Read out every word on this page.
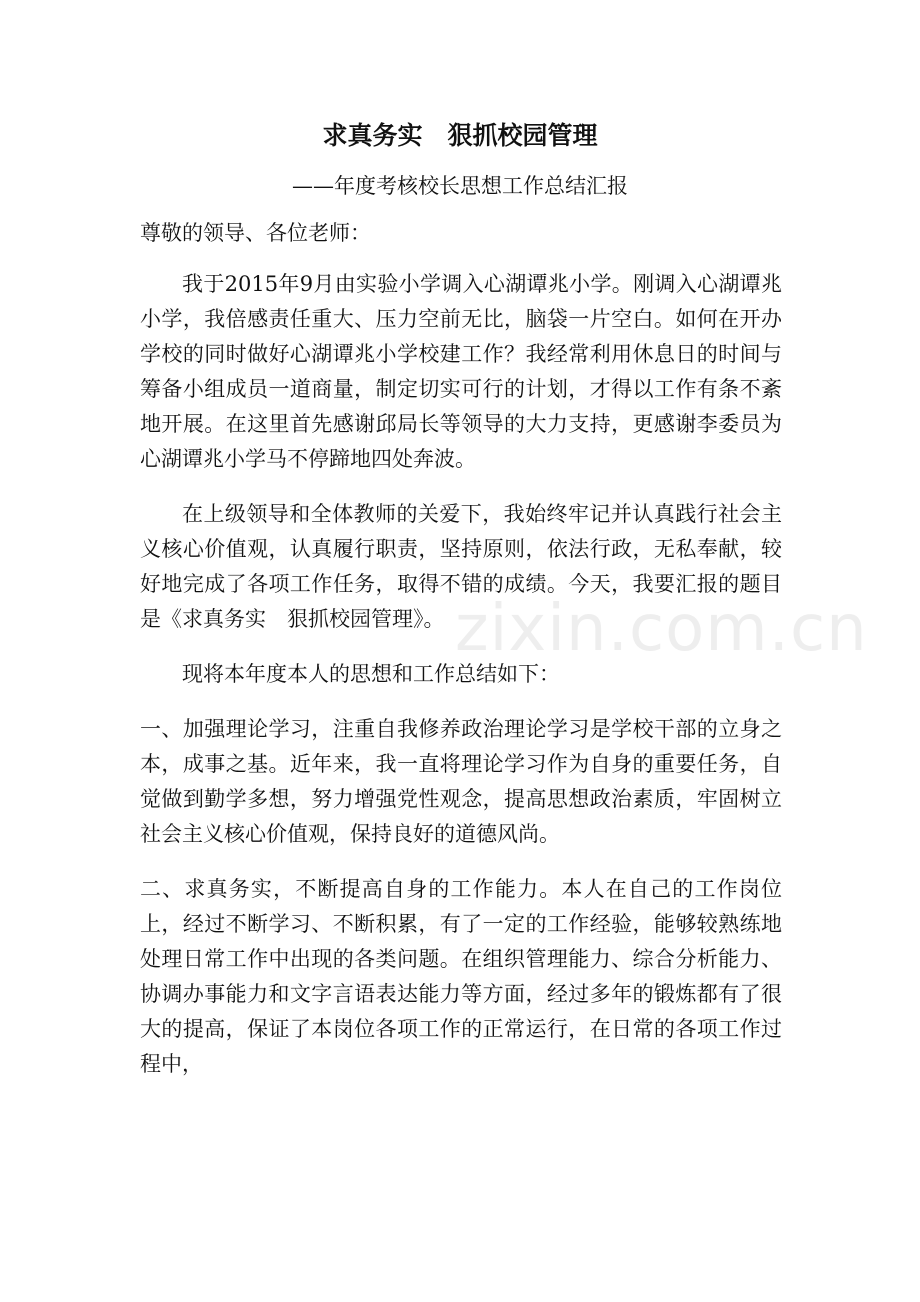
求真务实　狠抓校园管理
——年度考核校长思想工作总结汇报

尊敬的领导、各位老师：

我于2015年9月由实验小学调入心湖谭兆小学。刚调入心湖谭兆小学，我倍感责任重大、压力空前无比，脑袋一片空白。如何在开办学校的同时做好心湖谭兆小学校建工作？我经常利用休息日的时间与筹备小组成员一道商量，制定切实可行的计划，才得以工作有条不紊地开展。在这里首先感谢邱局长等领导的大力支持，更感谢李委员为心湖谭兆小学马不停蹄地四处奔波。

在上级领导和全体教师的关爱下，我始终牢记并认真践行社会主义核心价值观，认真履行职责，坚持原则，依法行政，无私奉献，较好地完成了各项工作任务，取得不错的成绩。今天，我要汇报的题目是《求真务实　狠抓校园管理》。

现将本年度本人的思想和工作总结如下：

一、加强理论学习，注重自我修养政治理论学习是学校干部的立身之本，成事之基。近年来，我一直将理论学习作为自身的重要任务，自觉做到勤学多想，努力增强党性观念，提高思想政治素质，牢固树立社会主义核心价值观，保持良好的道德风尚。

二、求真务实，不断提高自身的工作能力。本人在自己的工作岗位上，经过不断学习、不断积累，有了一定的工作经验，能够较熟练地处理日常工作中出现的各类问题。在组织管理能力、综合分析能力、协调办事能力和文字言语表达能力等方面，经过多年的锻炼都有了很大的提高，保证了本岗位各项工作的正常运行，在日常的各项工作过程中，

zixin.com.cn
